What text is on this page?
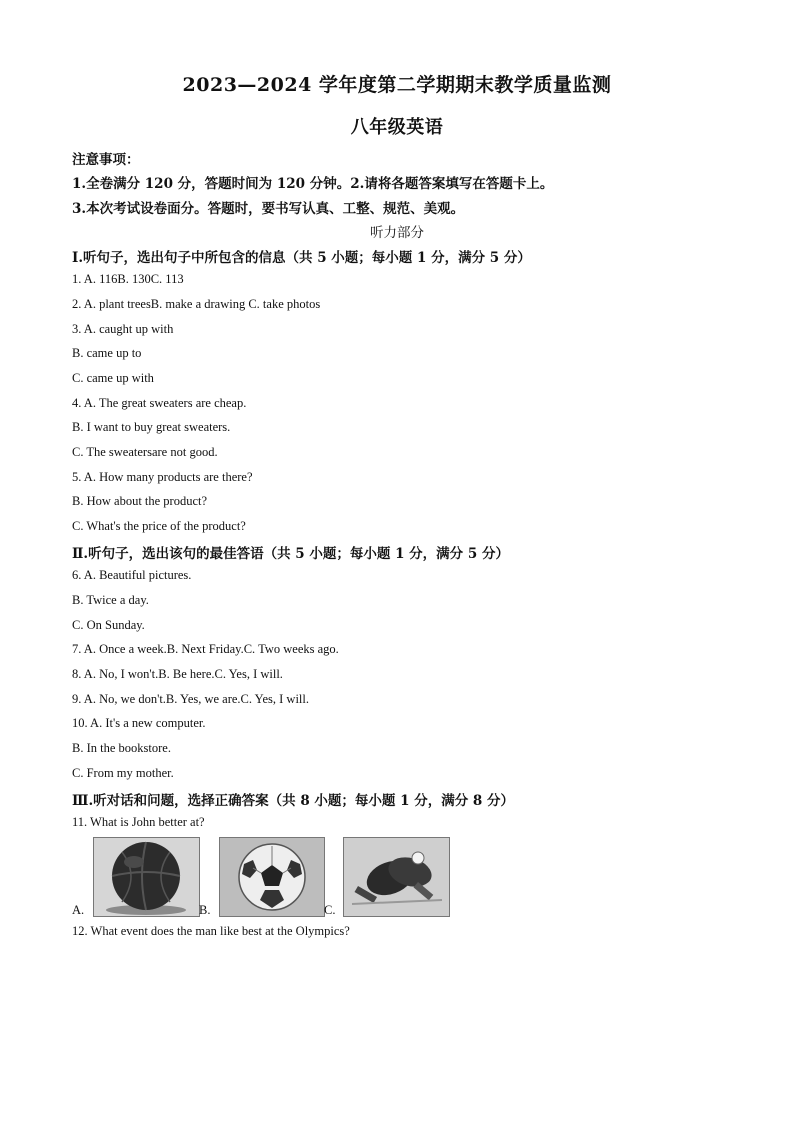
2023—2024 学年度第二学期期末教学质量监测
八年级英语
注意事项：
1.全卷满分 120 分，答题时间为 120 分钟。2.请将各题答案填写在答题卡上。
3.本次考试设卷面分。答题时，要书写认真、工整、规范、美观。
听力部分
I.听句子，选出句子中所包含的信息（共 5 小题；每小题 1 分，满分 5 分）
1. A. 116B. 130C. 113
2. A. plant treesB. make a drawing C. take photos
3. A. caught up with
B. came up to
C. came up with
4. A. The great sweaters are cheap.
B. I want to buy great sweaters.
C. The sweatersare not good.
5. A. How many products are there?
B. How about the product?
C. What's the price of the product?
Ⅱ.听句子，选出该句的最佳答语（共 5 小题；每小题 1 分，满分 5 分）
6. A. Beautiful pictures.
B. Twice a day.
C. On Sunday.
7. A. Once a week.B. Next Friday.C. Two weeks ago.
8. A. No, I won't.B. Be here.C. Yes, I will.
9. A. No, we don't.B. Yes, we are.C. Yes, I will.
10. A. It's a new computer.
B. In the bookstore.
C. From my mother.
Ⅲ.听对话和问题，选择正确答案（共 8 小题；每小题 1 分，满分 8 分）
11. What is John better at?
A.	B.	C.
12. What event does the man like best at the Olympics?
